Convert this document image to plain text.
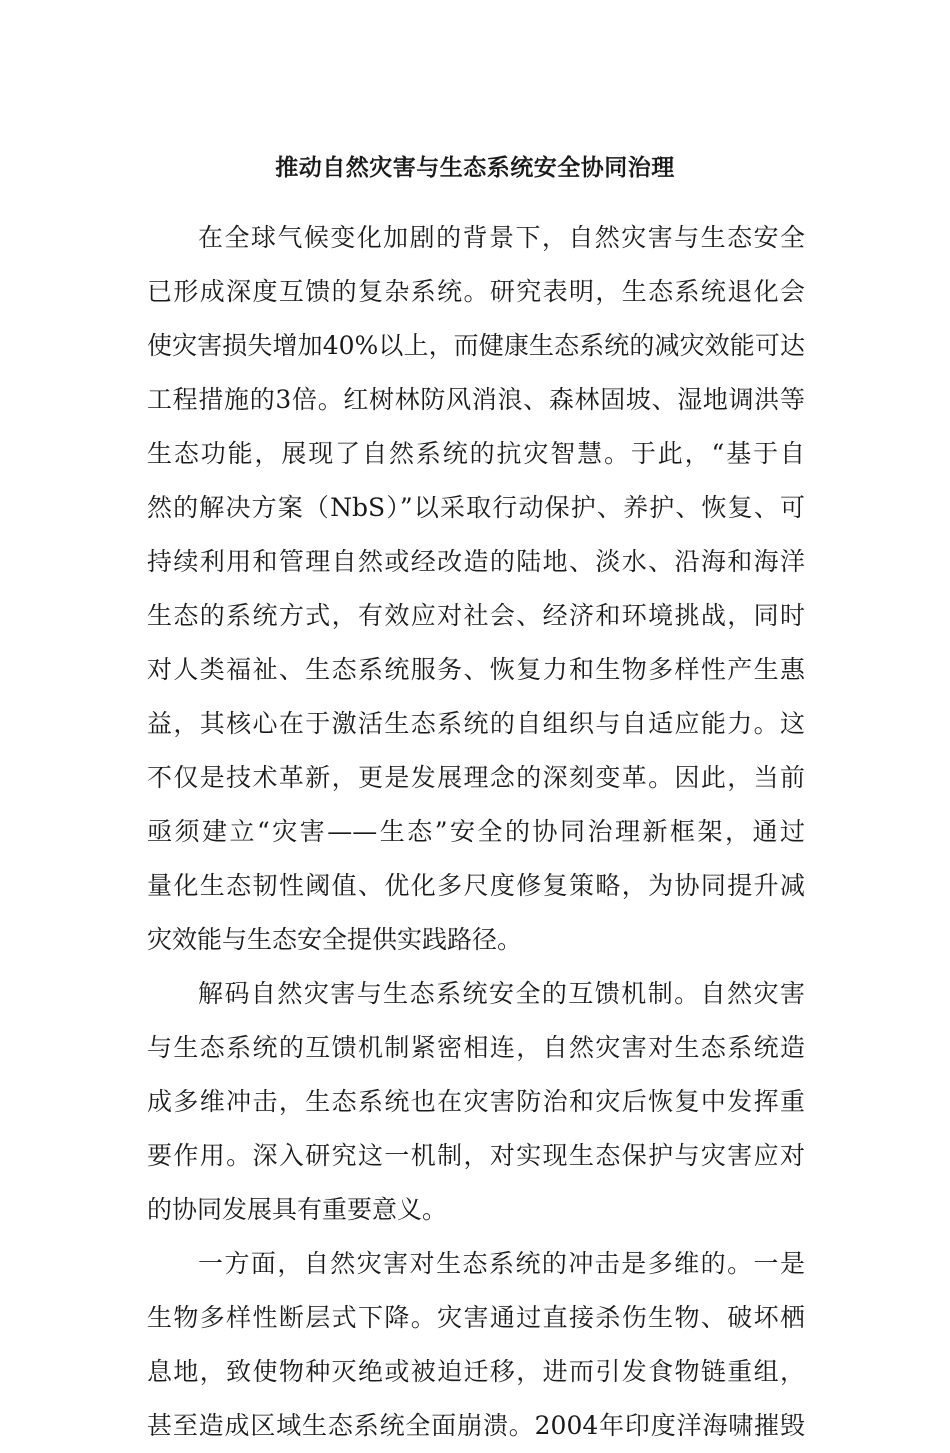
推动自然灾害与生态系统安全协同治理
在全球气候变化加剧的背景下，自然灾害与生态安全
已形成深度互馈的复杂系统。研究表明，生态系统退化会
使灾害损失增加40%以上，而健康生态系统的减灾效能可达
工程措施的3倍。红树林防风消浪、森林固坡、湿地调洪等
生态功能，展现了自然系统的抗灾智慧。于此，“基于自
然的解决方案（NbS）”以采取行动保护、养护、恢复、可
持续利用和管理自然或经改造的陆地、淡水、沿海和海洋
生态的系统方式，有效应对社会、经济和环境挑战，同时
对人类福祉、生态系统服务、恢复力和生物多样性产生惠
益，其核心在于激活生态系统的自组织与自适应能力。这
不仅是技术革新，更是发展理念的深刻变革。因此，当前
亟须建立“灾害——生态”安全的协同治理新框架，通过
量化生态韧性阈值、优化多尺度修复策略，为协同提升减
灾效能与生态安全提供实践路径。
解码自然灾害与生态系统安全的互馈机制。自然灾害
与生态系统的互馈机制紧密相连，自然灾害对生态系统造
成多维冲击，生态系统也在灾害防治和灾后恢复中发挥重
要作用。深入研究这一机制，对实现生态保护与灾害应对
的协同发展具有重要意义。
一方面，自然灾害对生态系统的冲击是多维的。一是
生物多样性断层式下降。灾害通过直接杀伤生物、破坏栖
息地，致使物种灭绝或被迫迁移，进而引发食物链重组，
甚至造成区域生态系统全面崩溃。2004年印度洋海啸摧毁
